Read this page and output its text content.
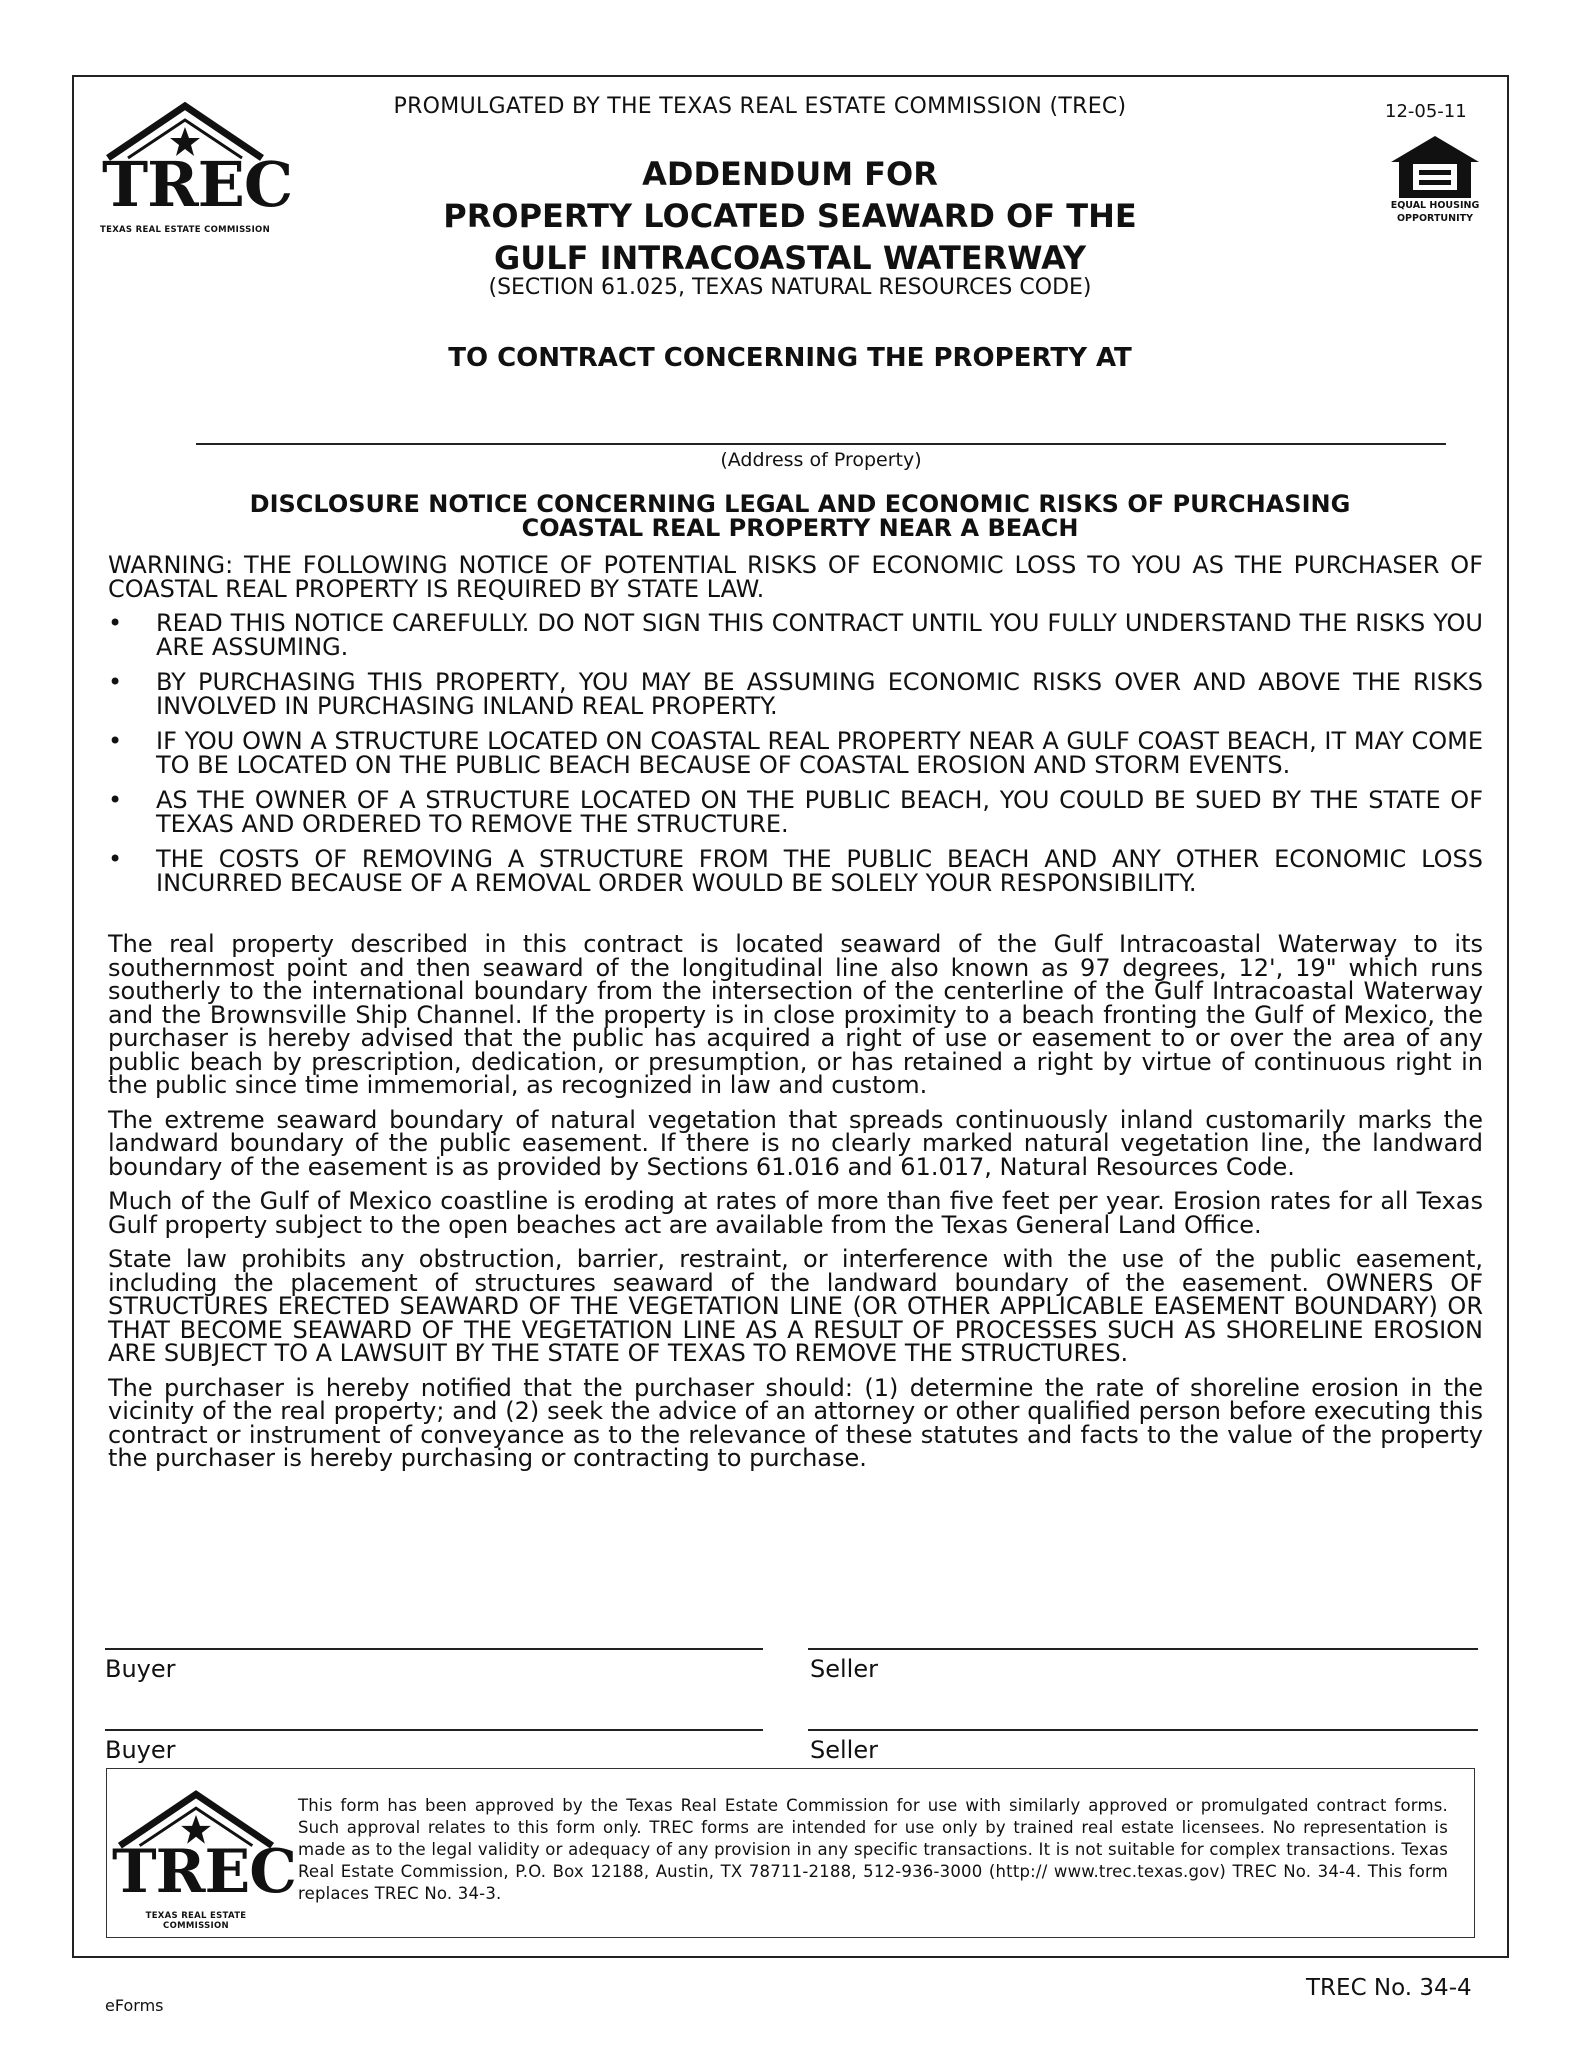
TREC
TEXAS REAL ESTATE COMMISSION
PROMULGATED BY THE TEXAS REAL ESTATE COMMISSION (TREC)	12-05-11
EQUAL HOUSING
OPPORTUNITY
ADDENDUM FOR
PROPERTY LOCATED SEAWARD OF THE
GULF INTRACOASTAL WATERWAY
(SECTION 61.025, TEXAS NATURAL RESOURCES CODE)
TO CONTRACT CONCERNING THE PROPERTY AT
(Address of Property)
DISCLOSURE NOTICE CONCERNING LEGAL AND ECONOMIC RISKS OF PURCHASING
COASTAL REAL PROPERTY NEAR A BEACH
WARNING: THE FOLLOWING NOTICE OF POTENTIAL RISKS OF ECONOMIC LOSS TO YOU AS THE PURCHASER OF COASTAL REAL PROPERTY IS REQUIRED BY STATE LAW.
• READ THIS NOTICE CAREFULLY. DO NOT SIGN THIS CONTRACT UNTIL YOU FULLY UNDERSTAND THE RISKS YOU ARE ASSUMING.
• BY PURCHASING THIS PROPERTY, YOU MAY BE ASSUMING ECONOMIC RISKS OVER AND ABOVE THE RISKS INVOLVED IN PURCHASING INLAND REAL PROPERTY.
• IF YOU OWN A STRUCTURE LOCATED ON COASTAL REAL PROPERTY NEAR A GULF COAST BEACH, IT MAY COME TO BE LOCATED ON THE PUBLIC BEACH BECAUSE OF COASTAL EROSION AND STORM EVENTS.
• AS THE OWNER OF A STRUCTURE LOCATED ON THE PUBLIC BEACH, YOU COULD BE SUED BY THE STATE OF TEXAS AND ORDERED TO REMOVE THE STRUCTURE.
• THE COSTS OF REMOVING A STRUCTURE FROM THE PUBLIC BEACH AND ANY OTHER ECONOMIC LOSS INCURRED BECAUSE OF A REMOVAL ORDER WOULD BE SOLELY YOUR RESPONSIBILITY.

The real property described in this contract is located seaward of the Gulf Intracoastal Waterway to its southernmost point and then seaward of the longitudinal line also known as 97 degrees, 12', 19" which runs southerly to the international boundary from the intersection of the centerline of the Gulf Intracoastal Waterway and the Brownsville Ship Channel. If the property is in close proximity to a beach fronting the Gulf of Mexico, the purchaser is hereby advised that the public has acquired a right of use or easement to or over the area of any public beach by prescription, dedication, or presumption, or has retained a right by virtue of continuous right in the public since time immemorial, as recognized in law and custom.

The extreme seaward boundary of natural vegetation that spreads continuously inland customarily marks the landward boundary of the public easement. If there is no clearly marked natural vegetation line, the landward boundary of the easement is as provided by Sections 61.016 and 61.017, Natural Resources Code.

Much of the Gulf of Mexico coastline is eroding at rates of more than five feet per year. Erosion rates for all Texas Gulf property subject to the open beaches act are available from the Texas General Land Office.

State law prohibits any obstruction, barrier, restraint, or interference with the use of the public easement, including the placement of structures seaward of the landward boundary of the easement. OWNERS OF STRUCTURES ERECTED SEAWARD OF THE VEGETATION LINE (OR OTHER APPLICABLE EASEMENT BOUNDARY) OR THAT BECOME SEAWARD OF THE VEGETATION LINE AS A RESULT OF PROCESSES SUCH AS SHORELINE EROSION ARE SUBJECT TO A LAWSUIT BY THE STATE OF TEXAS TO REMOVE THE STRUCTURES.

The purchaser is hereby notified that the purchaser should: (1) determine the rate of shoreline erosion in the vicinity of the real property; and (2) seek the advice of an attorney or other qualified person before executing this contract or instrument of conveyance as to the relevance of these statutes and facts to the value of the property the purchaser is hereby purchasing or contracting to purchase.

Buyer	Seller
Buyer	Seller
TREC
TEXAS REAL ESTATE COMMISSION
This form has been approved by the Texas Real Estate Commission for use with similarly approved or promulgated contract forms. Such approval relates to this form only. TREC forms are intended for use only by trained real estate licensees. No representation is made as to the legal validity or adequacy of any provision in any specific transactions. It is not suitable for complex transactions. Texas Real Estate Commission, P.O. Box 12188, Austin, TX 78711-2188, 512-936-3000 (http:// www.trec.texas.gov) TREC No. 34-4. This form replaces TREC No. 34-3.
TREC No. 34-4
eForms
